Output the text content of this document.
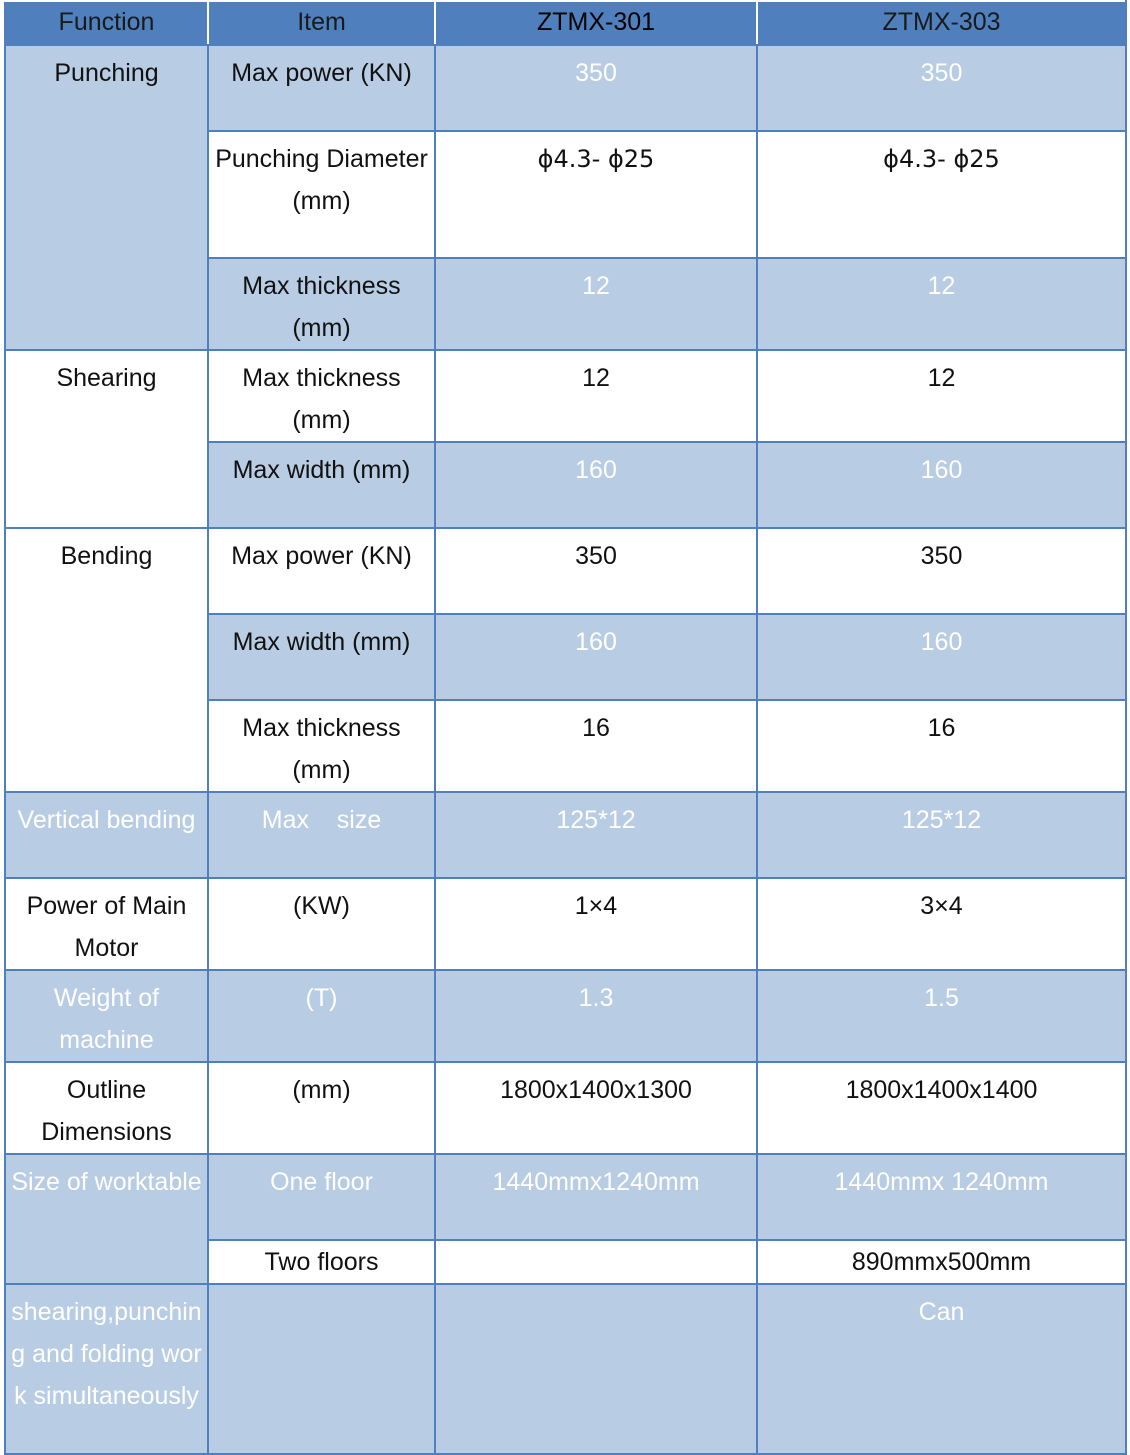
Function	Item	ZTMX-301	ZTMX-303
Punching	Max power (KN)	350	350
	Punching Diameter (mm)	ϕ4.3- ϕ25	ϕ4.3- ϕ25
	Max thickness (mm)	12	12
Shearing	Max thickness (mm)	12	12
	Max width (mm)	160	160
Bending	Max power (KN)	350	350
	Max width (mm)	160	160
	Max thickness (mm)	16	16
Vertical bending	Max    size	125*12	125*12
Power of Main Motor	(KW)	1×4	3×4
Weight of machine	(T)	1.3	1.5
Outline Dimensions	(mm)	1800x1400x1300	1800x1400x1400
Size of worktable	One floor	1440mmx1240mm	1440mmx 1240mm
	Two floors		890mmx500mm
shearing,punching and folding work simultaneously			Can
